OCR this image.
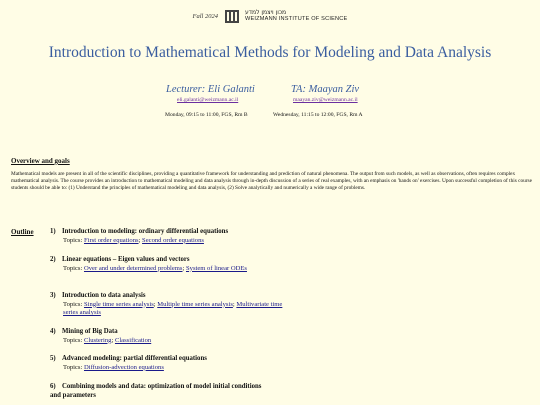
Fall 2024	מכון ויצמן למדע
WEIZMANN INSTITUTE OF SCIENCE
Introduction to Mathematical Methods for Modeling and Data Analysis
Lecturer: Eli Galanti	TA: Maayan Ziv
eli.galanti@weizmann.ac.il	maayan.ziv@weizmann.ac.il
Monday, 09:15 to 11:00, FGS, Rm B	Wednesday, 11:15 to 12:00, FGS, Rm A
Overview and goals
Mathematical models are present in all of the scientific disciplines, providing a quantitative framework for understanding and prediction of natural phenomena. The output from such models, as well as observations, often requires complex mathematical analysis. The course provides an introduction to mathematical modeling and data analysis through in-depth discussion of a series of real examples, with an emphasis on 'hands on' exercises. Upon successful completion of this course students should be able to: (1) Understand the principles of mathematical modeling and data analysis, (2) Solve analytically and numerically a wide range of problems.
Outline 1) Introduction to modeling: ordinary differential equations
Topics: First order equations; Second order equations
2) Linear equations – Eigen values and vectors
Topics: Over and under determined problems; System of linear ODEs
3) Introduction to data analysis
Topics: Single time series analysis; Multiple time series analysis; Multivariate time series analysis
4) Mining of Big Data
Topics: Clustering; Classification
5) Advanced modeling: partial differential equations
Topics: Diffusion-advection equations
6) Combining models and data: optimization of model initial conditions and parameters
